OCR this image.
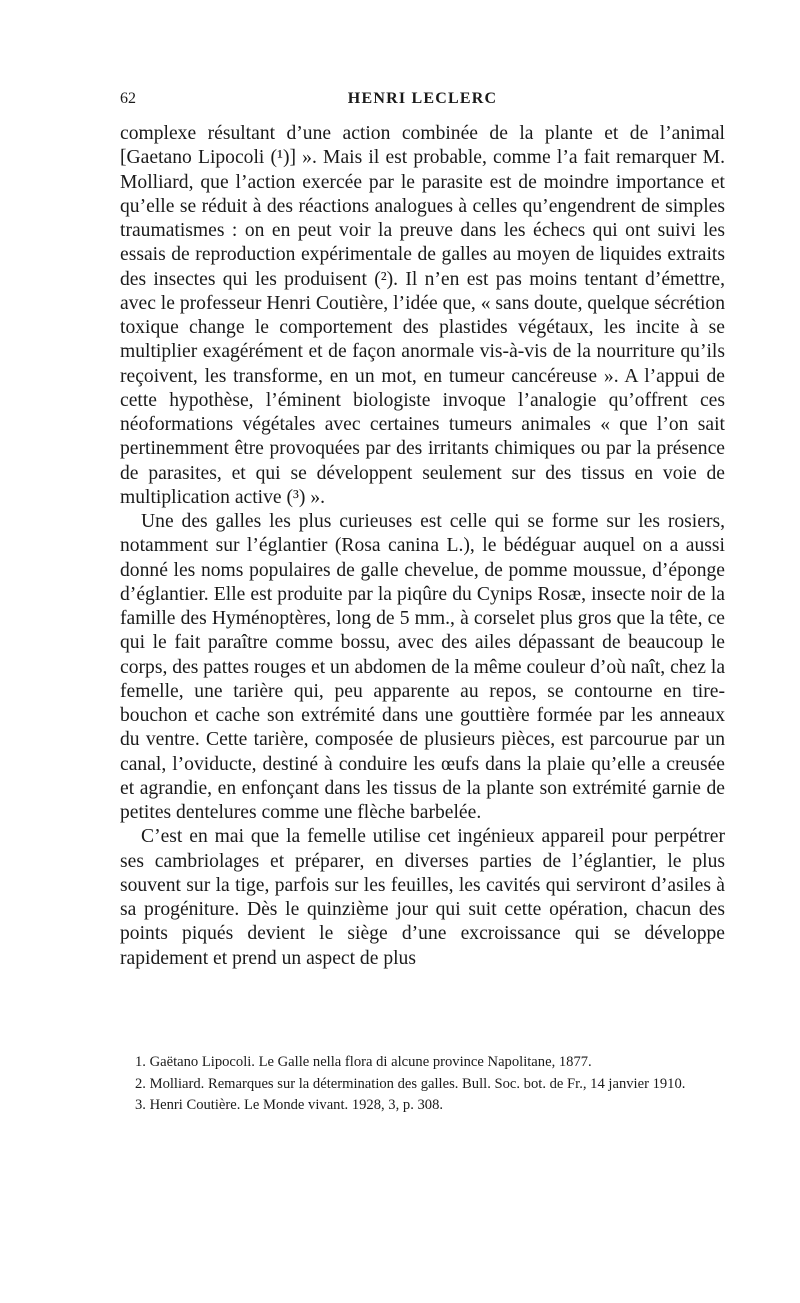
62	HENRI LECLERC

complexe résultant d’une action combinée de la plante et de l’animal [Gaetano Lipocoli (¹)] ». Mais il est probable, comme l’a fait remarquer M. Molliard, que l’action exercée par le parasite est de moindre importance et qu’elle se réduit à des réactions analogues à celles qu’engendrent de simples traumatismes : on en peut voir la preuve dans les échecs qui ont suivi les essais de reproduction expérimentale de galles au moyen de liquides extraits des insectes qui les produisent (²). Il n’en est pas moins tentant d’émettre, avec le professeur Henri Coutière, l’idée que, « sans doute, quelque sécrétion toxique change le comportement des plastides végétaux, les incite à se multiplier exagérément et de façon anormale vis-à-vis de la nourriture qu’ils reçoivent, les transforme, en un mot, en tumeur cancéreuse ». A l’appui de cette hypothèse, l’éminent biologiste invoque l’analogie qu’offrent ces néoformations végétales avec certaines tumeurs animales « que l’on sait pertinemment être provoquées par des irritants chimiques ou par la présence de parasites, et qui se développent seulement sur des tissus en voie de multiplication active (³) ».

Une des galles les plus curieuses est celle qui se forme sur les rosiers, notamment sur l’églantier (Rosa canina L.), le bédéguar auquel on a aussi donné les noms populaires de galle chevelue, de pomme moussue, d’éponge d’églantier. Elle est produite par la piqûre du Cynips Rosæ, insecte noir de la famille des Hyménoptères, long de 5 mm., à corselet plus gros que la tête, ce qui le fait paraître comme bossu, avec des ailes dépassant de beaucoup le corps, des pattes rouges et un abdomen de la même couleur d’où naît, chez la femelle, une tarière qui, peu apparente au repos, se contourne en tire-bouchon et cache son extrémité dans une gouttière formée par les anneaux du ventre. Cette tarière, composée de plusieurs pièces, est parcourue par un canal, l’oviducte, destiné à conduire les œufs dans la plaie qu’elle a creusée et agrandie, en enfonçant dans les tissus de la plante son extrémité garnie de petites dentelures comme une flèche barbelée.

C’est en mai que la femelle utilise cet ingénieux appareil pour perpétrer ses cambriolages et préparer, en diverses parties de l’églantier, le plus souvent sur la tige, parfois sur les feuilles, les cavités qui serviront d’asiles à sa progéniture. Dès le quinzième jour qui suit cette opération, chacun des points piqués devient le siège d’une excroissance qui se développe rapidement et prend un aspect de plus

1. Gaëtano Lipocoli. Le Galle nella flora di alcune province Napolitane, 1877.

2. Molliard. Remarques sur la détermination des galles. Bull. Soc. bot. de Fr., 14 janvier 1910.

3. Henri Coutière. Le Monde vivant. 1928, 3, p. 308.
